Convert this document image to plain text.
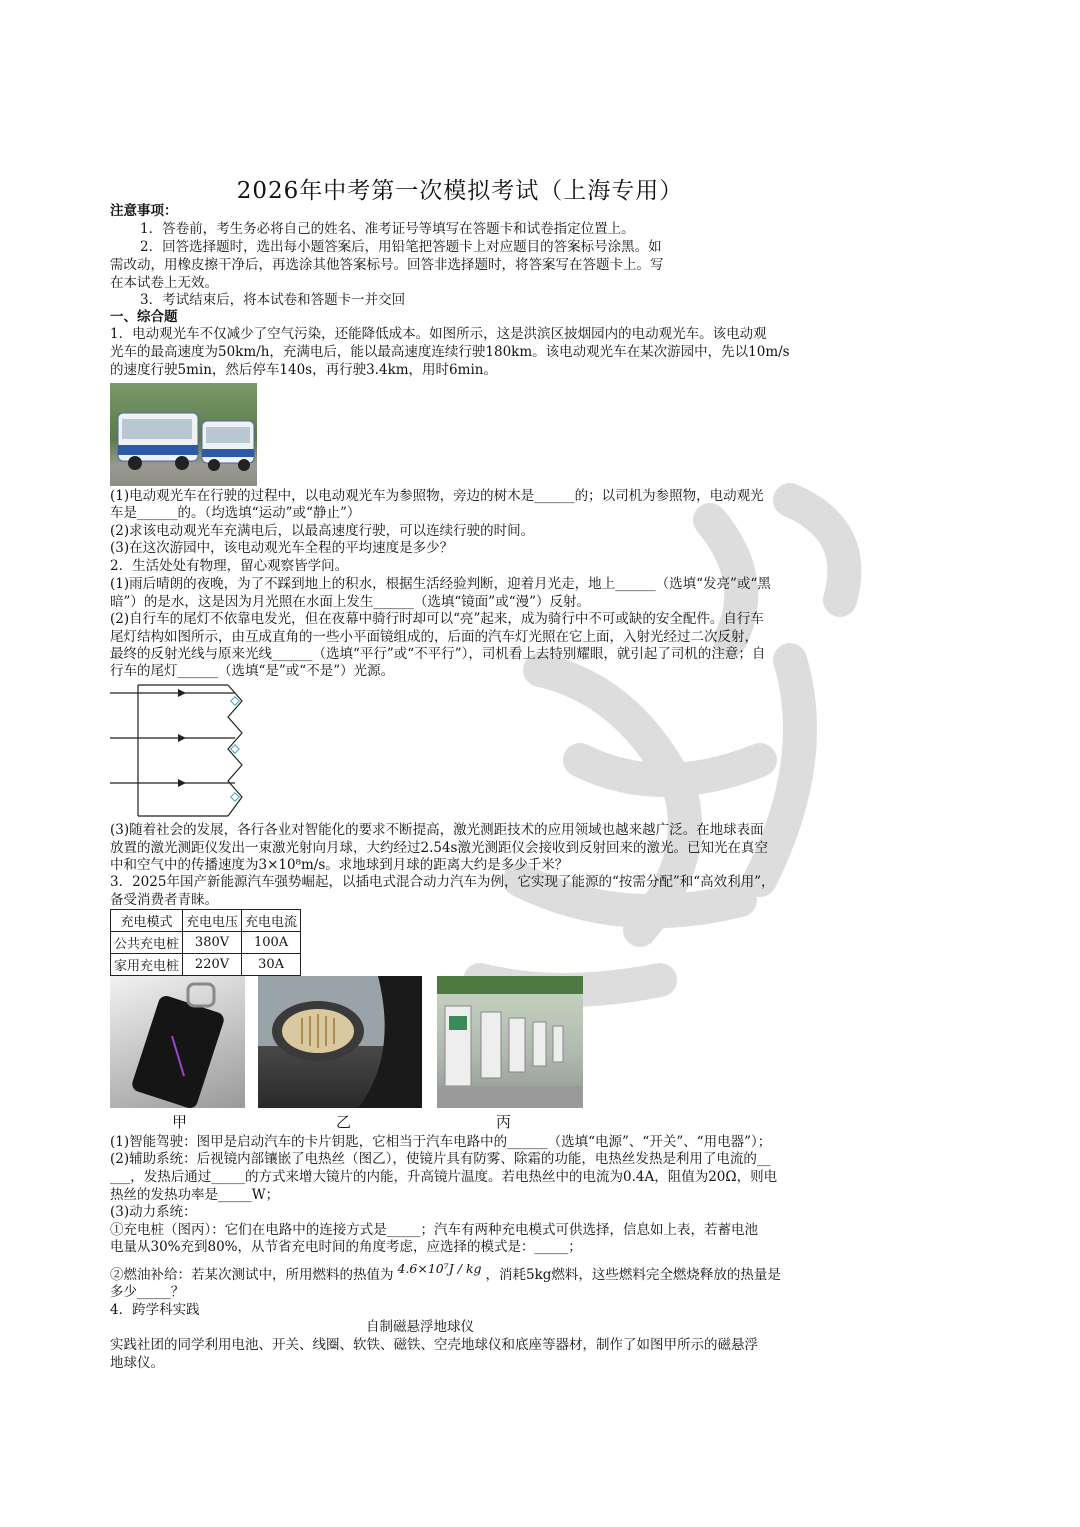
2026年中考第一次模拟考试（上海专用）
注意事项：
1．答卷前，考生务必将自己的姓名、准考证号等填写在答题卡和试卷指定位置上。
2．回答选择题时，选出每小题答案后，用铅笔把答题卡上对应题目的答案标号涂黑。如
需改动，用橡皮擦干净后，再选涂其他答案标号。回答非选择题时，将答案写在答题卡上。写
在本试卷上无效。
3．考试结束后，将本试卷和答题卡一并交回
一、综合题
1．电动观光车不仅减少了空气污染，还能降低成本。如图所示，这是洪滨区披烟园内的电动观光车。该电动观
光车的最高速度为50km/h，充满电后，能以最高速度连续行驶180km。该电动观光车在某次游园中，先以10m/s
的速度行驶5min，然后停车140s，再行驶3.4km，用时6min。
(1)电动观光车在行驶的过程中，以电动观光车为参照物，旁边的树木是______的；以司机为参照物，电动观光
车是______的。（均选填“运动”或“静止”）
(2)求该电动观光车充满电后，以最高速度行驶，可以连续行驶的时间。
(3)在这次游园中，该电动观光车全程的平均速度是多少？
2．生活处处有物理，留心观察皆学问。
(1)雨后晴朗的夜晚，为了不踩到地上的积水，根据生活经验判断，迎着月光走，地上______（选填“发亮”或“黑
暗”）的是水，这是因为月光照在水面上发生______（选填“镜面”或“漫”）反射。
(2)自行车的尾灯不依靠电发光，但在夜幕中骑行时却可以“亮”起来，成为骑行中不可或缺的安全配件。自行车
尾灯结构如图所示，由互成直角的一些小平面镜组成的，后面的汽车灯光照在它上面，入射光经过二次反射，
最终的反射光线与原来光线______（选填“平行”或“不平行”），司机看上去特别耀眼，就引起了司机的注意；自
行车的尾灯______（选填“是”或“不是”）光源。
(3)随着社会的发展，各行各业对智能化的要求不断提高，激光测距技术的应用领域也越来越广泛。在地球表面
放置的激光测距仪发出一束激光射向月球，大约经过2.54s激光测距仪会接收到反射回来的激光。已知光在真空
中和空气中的传播速度为3×10⁸m/s。求地球到月球的距离大约是多少千米？
3．2025年国产新能源汽车强势崛起，以插电式混合动力汽车为例，它实现了能源的“按需分配”和“高效利用”，
备受消费者青睐。
充电模式	充电电压	充电电流
公共充电桩	380V	100A
家用充电桩	220V	30A
甲	乙	丙
(1)智能驾驶：图甲是启动汽车的卡片钥匙，它相当于汽车电路中的______（选填“电源”、“开关”、“用电器”）；
(2)辅助系统：后视镜内部镶嵌了电热丝（图乙），使镜片具有防雾、除霜的功能，电热丝发热是利用了电流的__
___，发热后通过_____的方式来增大镜片的内能，升高镜片温度。若电热丝中的电流为0.4A，阻值为20Ω，则电
热丝的发热功率是_____W；
(3)动力系统：
①充电桩（图丙）：它们在电路中的连接方式是_____；汽车有两种充电模式可供选择，信息如上表，若蓄电池
电量从30%充到80%，从节省充电时间的角度考虑，应选择的模式是：_____；
②燃油补给：若某次测试中，所用燃料的热值为 4.6×10⁷J / kg ，消耗5kg燃料，这些燃料完全燃烧释放的热量是
多少_____？
4．跨学科实践
自制磁悬浮地球仪
实践社团的同学利用电池、开关、线圈、软铁、磁铁、空壳地球仪和底座等器材，制作了如图甲所示的磁悬浮
地球仪。
